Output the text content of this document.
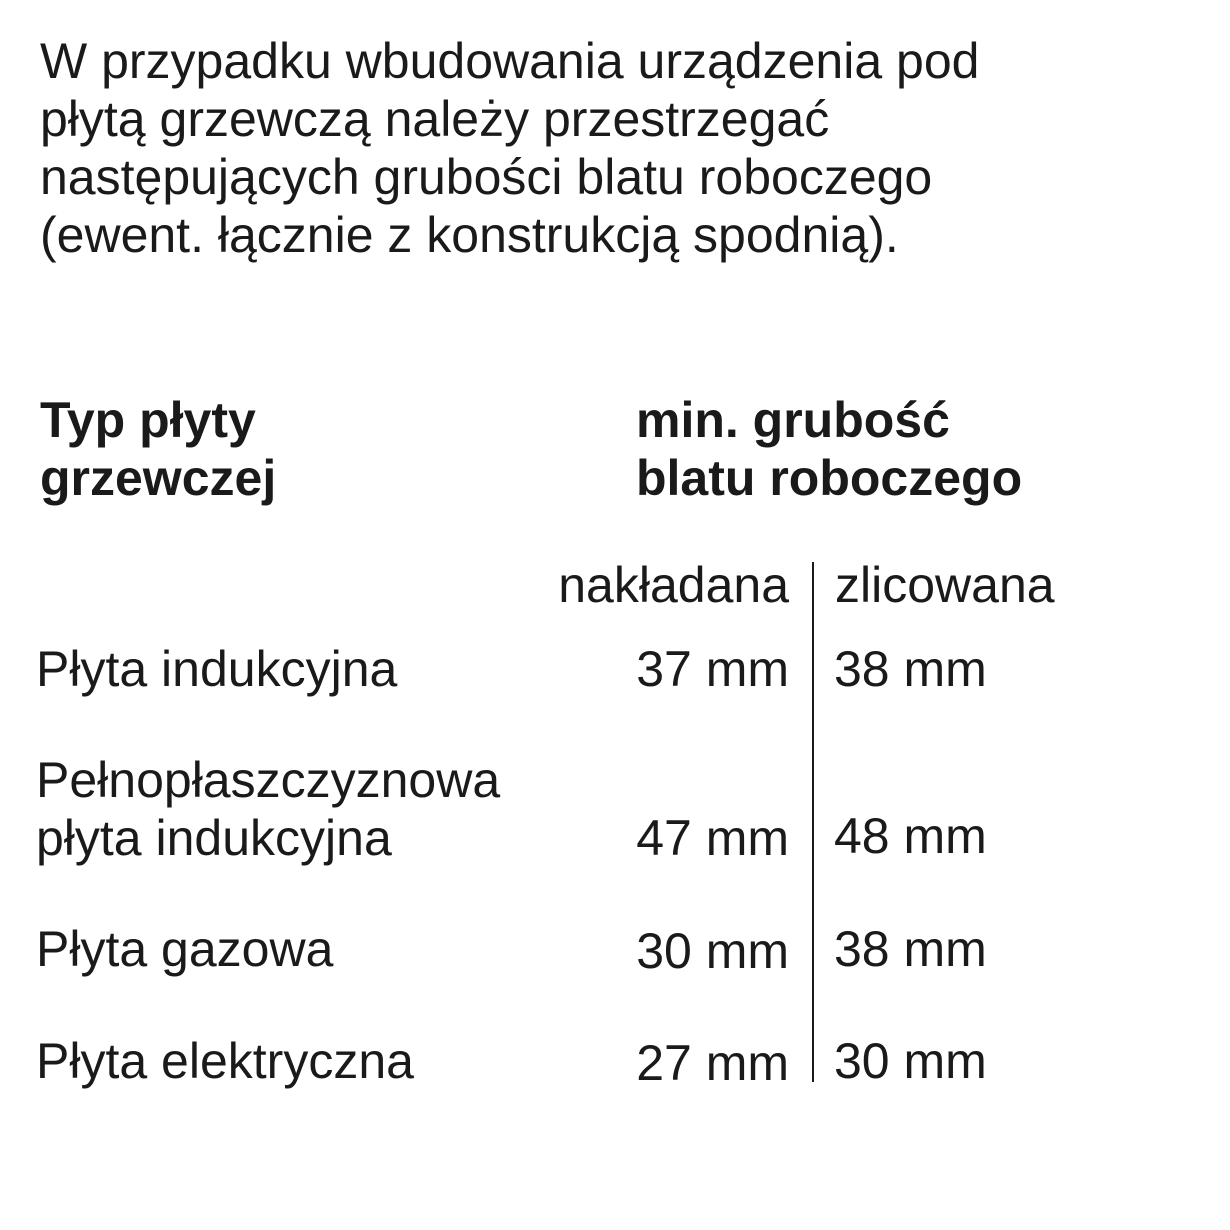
W przypadku wbudowania urządzenia pod
płytą grzewczą należy przestrzegać
następujących grubości blatu roboczego
(ewent. łącznie z konstrukcją spodnią).

Typ płyty
grzewczej
min. grubość
blatu roboczego
nakładana zlicowana
Płyta indukcyjna	37 mm 38 mm
Pełnopłaszczyznowa
płyta indukcyjna	47 mm 48 mm
Płyta gazowa	30 mm 38 mm
Płyta elektryczna	27 mm 30 mm
